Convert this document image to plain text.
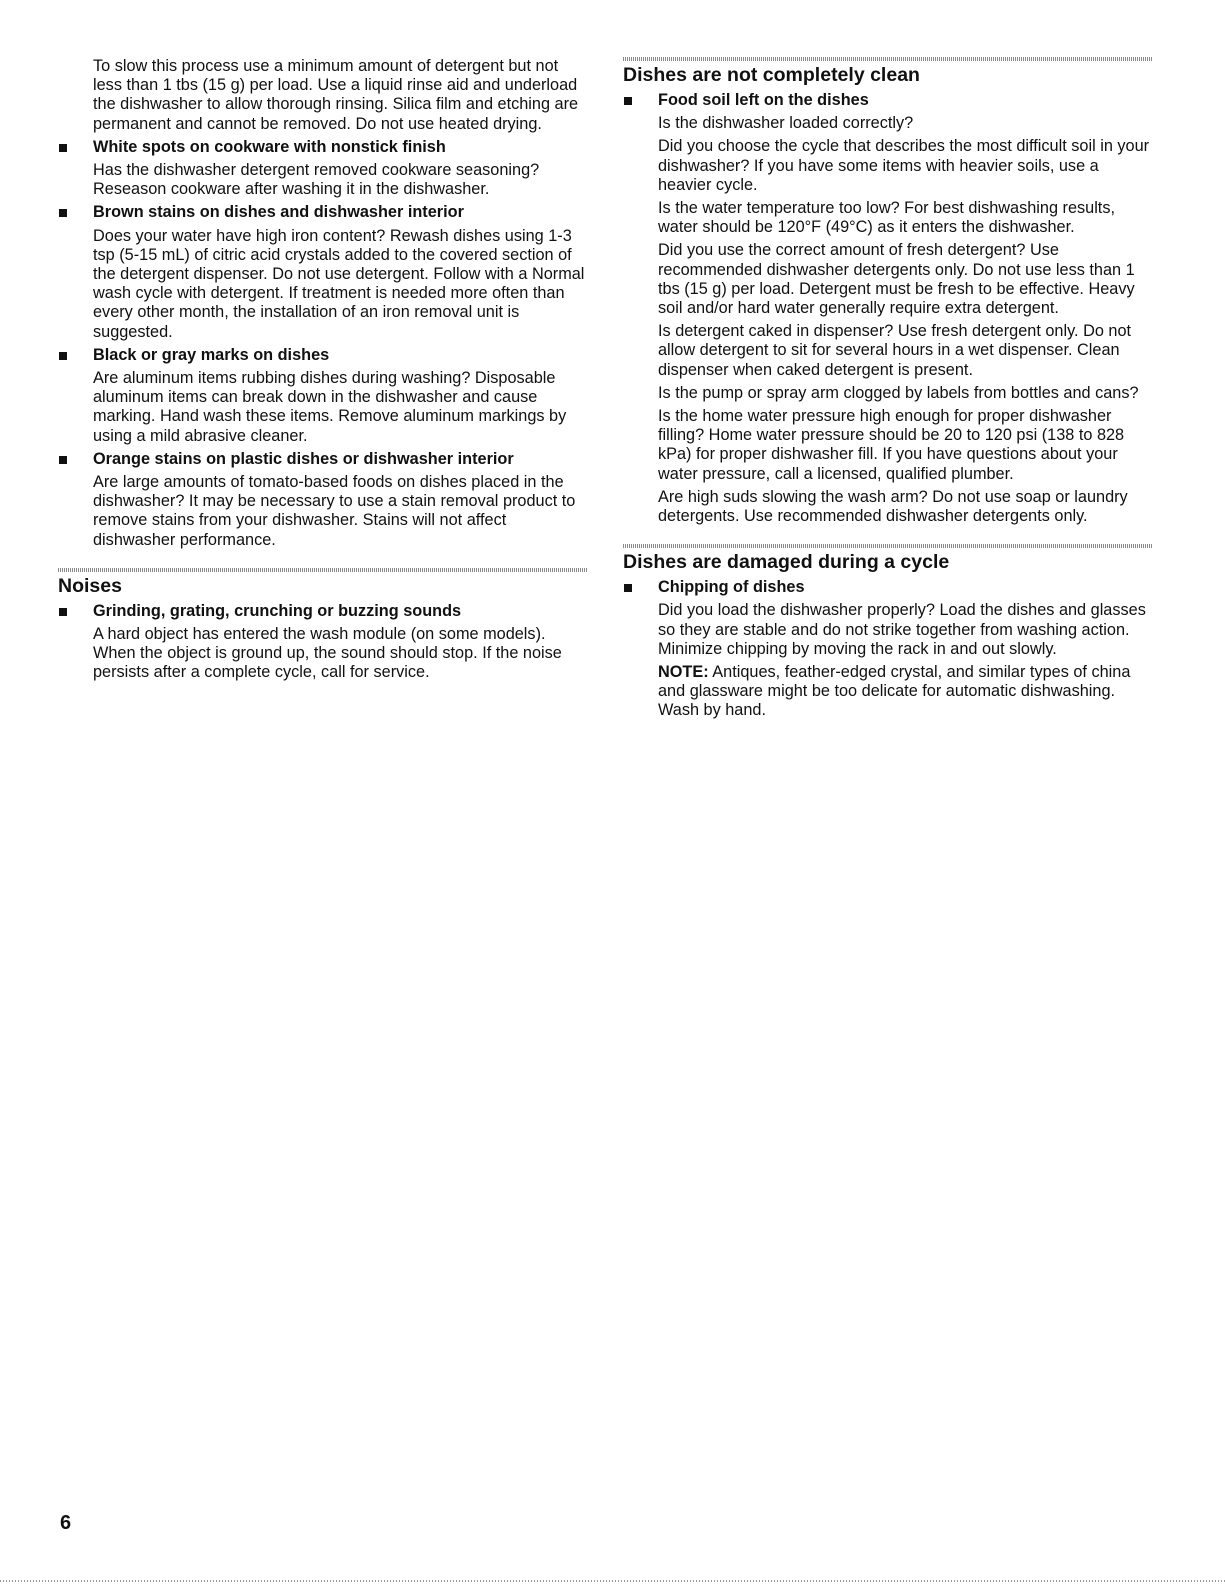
To slow this process use a minimum amount of detergent but not less than 1 tbs (15 g) per load. Use a liquid rinse aid and underload the dishwasher to allow thorough rinsing. Silica film and etching are permanent and cannot be removed. Do not use heated drying.

White spots on cookware with nonstick finish

Has the dishwasher detergent removed cookware seasoning? Reseason cookware after washing it in the dishwasher.

Brown stains on dishes and dishwasher interior

Does your water have high iron content? Rewash dishes using 1-3 tsp (5-15 mL) of citric acid crystals added to the covered section of the detergent dispenser. Do not use detergent. Follow with a Normal wash cycle with detergent. If treatment is needed more often than every other month, the installation of an iron removal unit is suggested.

Black or gray marks on dishes

Are aluminum items rubbing dishes during washing? Disposable aluminum items can break down in the dishwasher and cause marking. Hand wash these items. Remove aluminum markings by using a mild abrasive cleaner.

Orange stains on plastic dishes or dishwasher interior

Are large amounts of tomato-based foods on dishes placed in the dishwasher? It may be necessary to use a stain removal product to remove stains from your dishwasher. Stains will not affect dishwasher performance.

Noises
Grinding, grating, crunching or buzzing sounds

A hard object has entered the wash module (on some models). When the object is ground up, the sound should stop. If the noise persists after a complete cycle, call for service.

Dishes are not completely clean
Food soil left on the dishes

Is the dishwasher loaded correctly?

Did you choose the cycle that describes the most difficult soil in your dishwasher? If you have some items with heavier soils, use a heavier cycle.

Is the water temperature too low? For best dishwashing results, water should be 120°F (49°C) as it enters the dishwasher.

Did you use the correct amount of fresh detergent? Use recommended dishwasher detergents only. Do not use less than 1 tbs (15 g) per load. Detergent must be fresh to be effective. Heavy soil and/or hard water generally require extra detergent.

Is detergent caked in dispenser? Use fresh detergent only. Do not allow detergent to sit for several hours in a wet dispenser. Clean dispenser when caked detergent is present.

Is the pump or spray arm clogged by labels from bottles and cans?

Is the home water pressure high enough for proper dishwasher filling? Home water pressure should be 20 to 120 psi (138 to 828 kPa) for proper dishwasher fill. If you have questions about your water pressure, call a licensed, qualified plumber.

Are high suds slowing the wash arm? Do not use soap or laundry detergents. Use recommended dishwasher detergents only.

Dishes are damaged during a cycle
Chipping of dishes

Did you load the dishwasher properly? Load the dishes and glasses so they are stable and do not strike together from washing action. Minimize chipping by moving the rack in and out slowly.

NOTE: Antiques, feather-edged crystal, and similar types of china and glassware might be too delicate for automatic dishwashing. Wash by hand.

6
